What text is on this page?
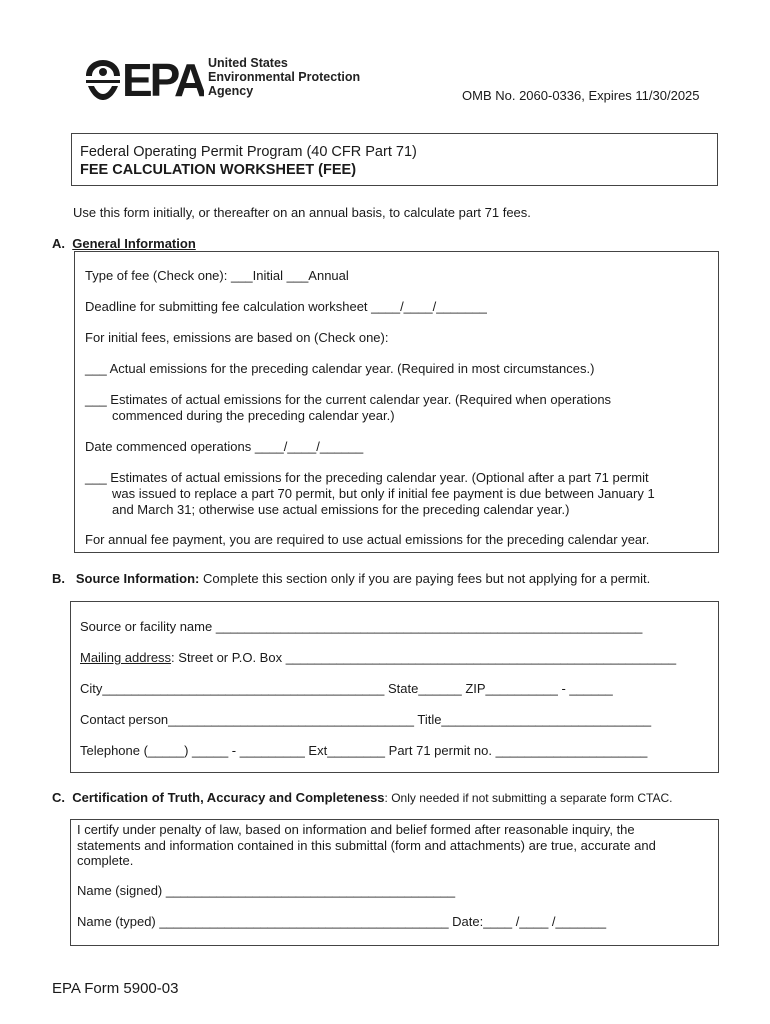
EPA United States
Environmental Protection
Agency	OMB No. 2060-0336, Expires 11/30/2025
Federal Operating Permit Program (40 CFR Part 71)
FEE CALCULATION WORKSHEET (FEE)
Use this form initially, or thereafter on an annual basis, to calculate part 71 fees.
A. General Information
Type of fee (Check one): ___Initial ___Annual
Deadline for submitting fee calculation worksheet ____/____/_______
For initial fees, emissions are based on (Check one):
___ Actual emissions for the preceding calendar year. (Required in most circumstances.)
___ Estimates of actual emissions for the current calendar year. (Required when operations
commenced during the preceding calendar year.)
Date commenced operations ____/____/______
___ Estimates of actual emissions for the preceding calendar year. (Optional after a part 71 permit
was issued to replace a part 70 permit, but only if initial fee payment is due between January 1
and March 31; otherwise use actual emissions for the preceding calendar year.)
For annual fee payment, you are required to use actual emissions for the preceding calendar year.
B. Source Information: Complete this section only if you are paying fees but not applying for a permit.
Source or facility name ___________________________________________________________
Mailing address: Street or P.O. Box ______________________________________________________
City_______________________________________ State______ ZIP__________ - ______
Contact person__________________________________ Title_____________________________
Telephone (_____) _____ - _________ Ext________ Part 71 permit no. _____________________
C. Certification of Truth, Accuracy and Completeness: Only needed if not submitting a separate form CTAC.
I certify under penalty of law, based on information and belief formed after reasonable inquiry, the
statements and information contained in this submittal (form and attachments) are true, accurate and
complete.
Name (signed) ________________________________________
Name (typed) ________________________________________ Date:____ /____ /_______
EPA Form 5900-03
